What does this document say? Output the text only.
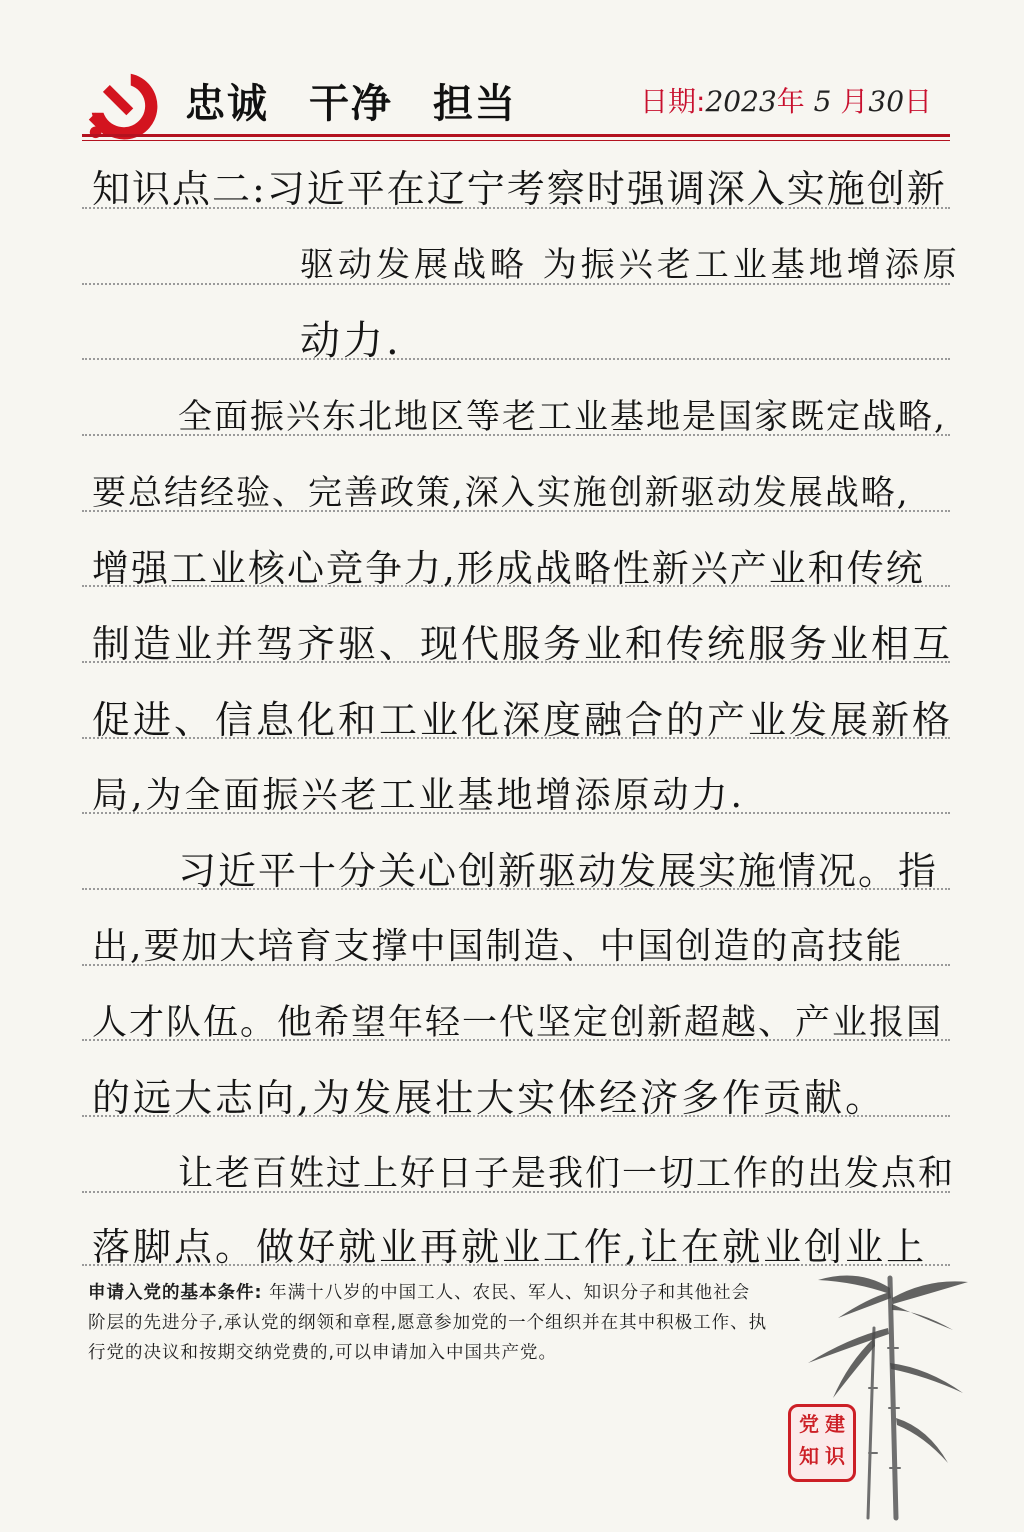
忠诚 干净 担当	日期:2023年 5 月30日
知识点二:习近平在辽宁考察时强调深入实施创新
驱动发展战略 为振兴老工业基地增添原
动力.
全面振兴东北地区等老工业基地是国家既定战略,
要总结经验、完善政策,深入实施创新驱动发展战略,
增强工业核心竞争力,形成战略性新兴产业和传统
制造业并驾齐驱、现代服务业和传统服务业相互
促进、信息化和工业化深度融合的产业发展新格
局,为全面振兴老工业基地增添原动力.
习近平十分关心创新驱动发展实施情况。指
出,要加大培育支撑中国制造、中国创造的高技能
人才队伍。他希望年轻一代坚定创新超越、产业报国
的远大志向,为发展壮大实体经济多作贡献。
让老百姓过上好日子是我们一切工作的出发点和
落脚点。做好就业再就业工作,让在就业创业上
申请入党的基本条件: 年满十八岁的中国工人、农民、军人、知识分子和其他社会阶层的先进分子,承认党的纲领和章程,愿意参加党的一个组织并在其中积极工作、执行党的决议和按期交纳党费的,可以申请加入中国共产党。
党 建
知 识
